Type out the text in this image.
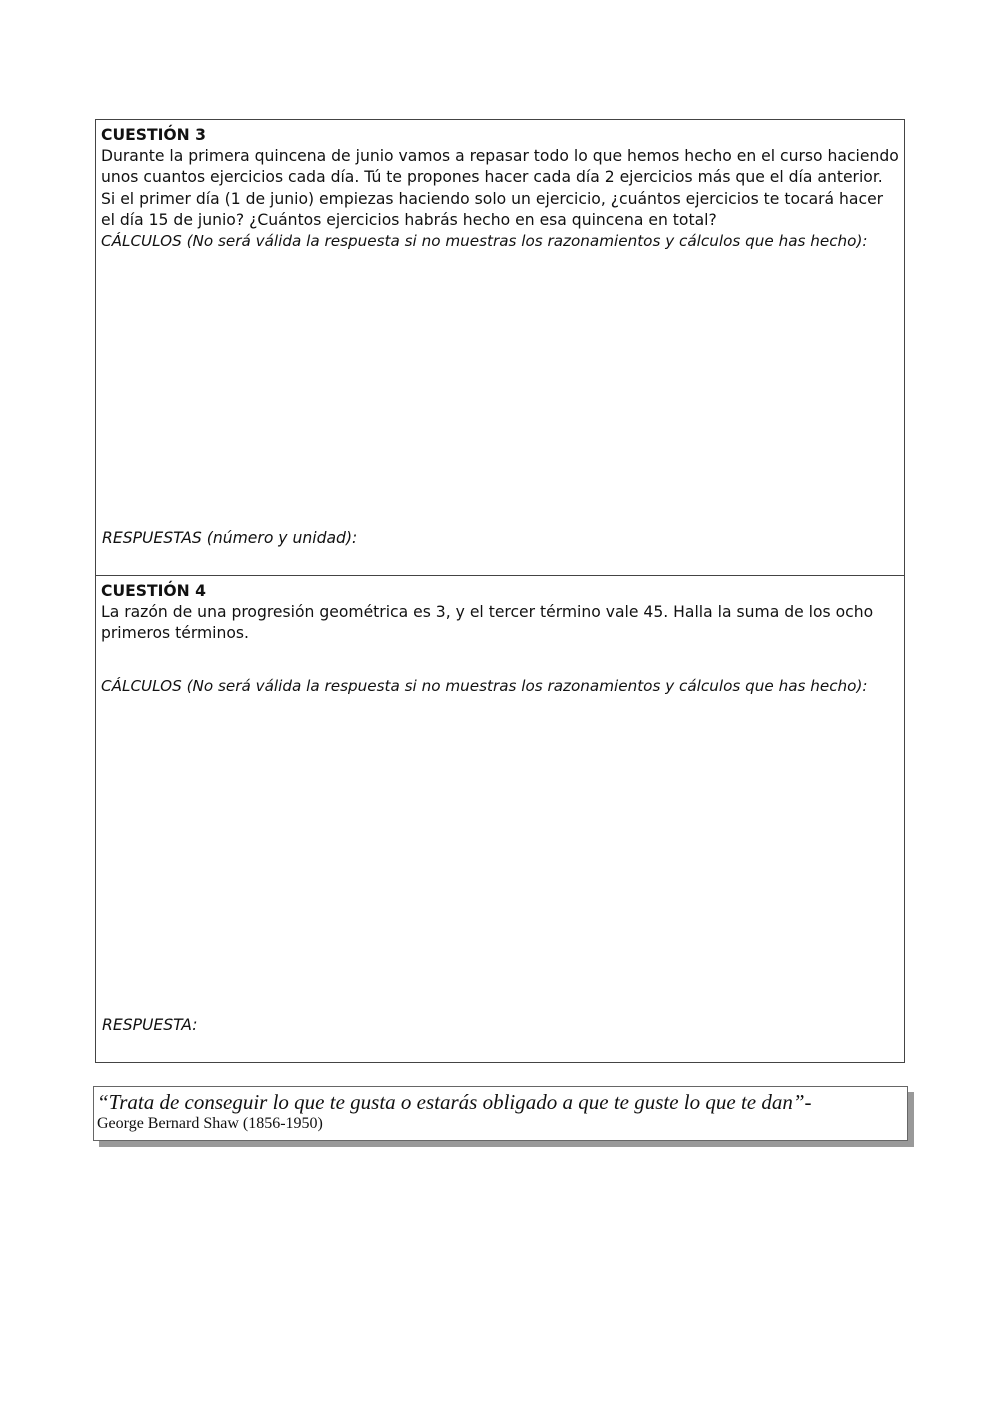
CUESTIÓN 3

Durante la primera quincena de junio vamos a repasar todo lo que hemos hecho en el curso haciendo unos cuantos ejercicios cada día. Tú te propones hacer cada día 2 ejercicios más que el día anterior. Si el primer día (1 de junio) empiezas haciendo solo un ejercicio, ¿cuántos ejercicios te tocará hacer el día 15 de junio? ¿Cuántos ejercicios habrás hecho en esa quincena en total?

CÁLCULOS (No será válida la respuesta si no muestras los razonamientos y cálculos que has hecho):

RESPUESTAS (número y unidad):

CUESTIÓN 4

La razón de una progresión geométrica es 3, y el tercer término vale 45. Halla la suma de los ocho primeros términos.

CÁLCULOS (No será válida la respuesta si no muestras los razonamientos y cálculos que has hecho):

RESPUESTA:

“Trata de conseguir lo que te gusta o estarás obligado a que te guste lo que te dan”-

George Bernard Shaw (1856-1950)
